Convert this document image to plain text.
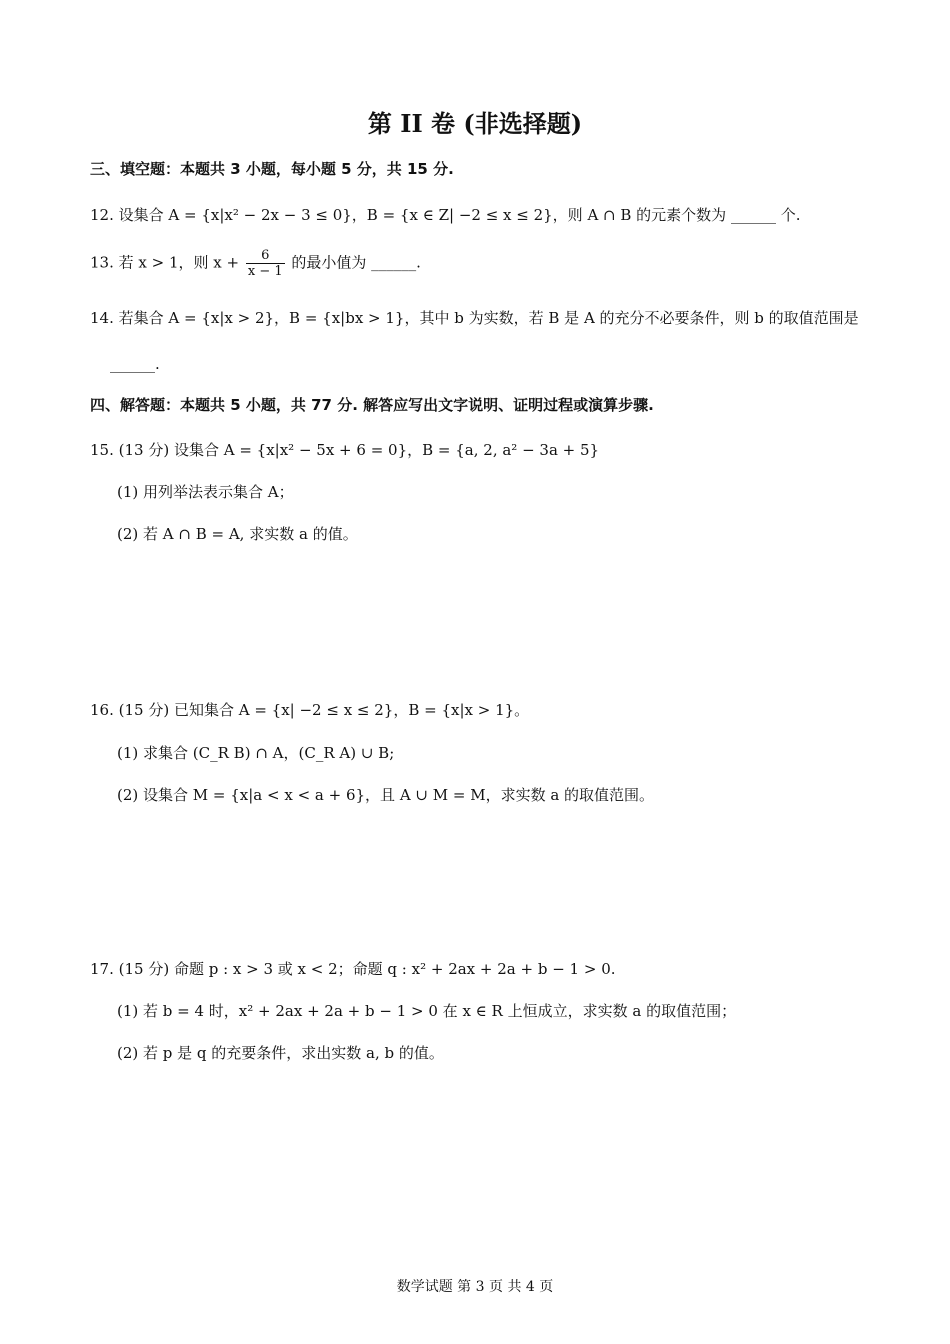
第 II 卷 (非选择题)
三、填空题：本题共 3 小题，每小题 5 分，共 15 分.
12. 设集合 A = {x|x² − 2x − 3 ≤ 0}，B = {x ∈ Z| −2 ≤ x ≤ 2}，则 A ∩ B 的元素个数为 ______ 个.
13. 若 x > 1，则 $x + \frac{6}{x - 1}$ 的最小值为 ______.
14. 若集合 A = {x|x > 2}，B = {x|bx > 1}，其中 b 为实数，若 B 是 A 的充分不必要条件，则 b 的取值范围是
______.
四、解答题：本题共 5 小题，共 77 分. 解答应写出文字说明、证明过程或演算步骤.
15. (13 分) 设集合 A = {x|x² − 5x + 6 = 0}，B = {a, 2, a² − 3a + 5}
(1) 用列举法表示集合 A；
(2) 若 A ∩ B = A, 求实数 a 的值。
16. (15 分) 已知集合 A = {x| −2 ≤ x ≤ 2}，B = {x|x > 1}。
(1) 求集合 (C_R B) ∩ A，(C_R A) ∪ B;
(2) 设集合 M = {x|a < x < a + 6}，且 A ∪ M = M，求实数 a 的取值范围。
17. (15 分) 命题 p : x > 3 或 x < 2；命题 q : x² + 2ax + 2a + b − 1 > 0.
(1) 若 b = 4 时，x² + 2ax + 2a + b − 1 > 0 在 x ∈ R 上恒成立，求实数 a 的取值范围；
(2) 若 p 是 q 的充要条件，求出实数 a, b 的值。
数学试题 第 3 页 共 4 页
